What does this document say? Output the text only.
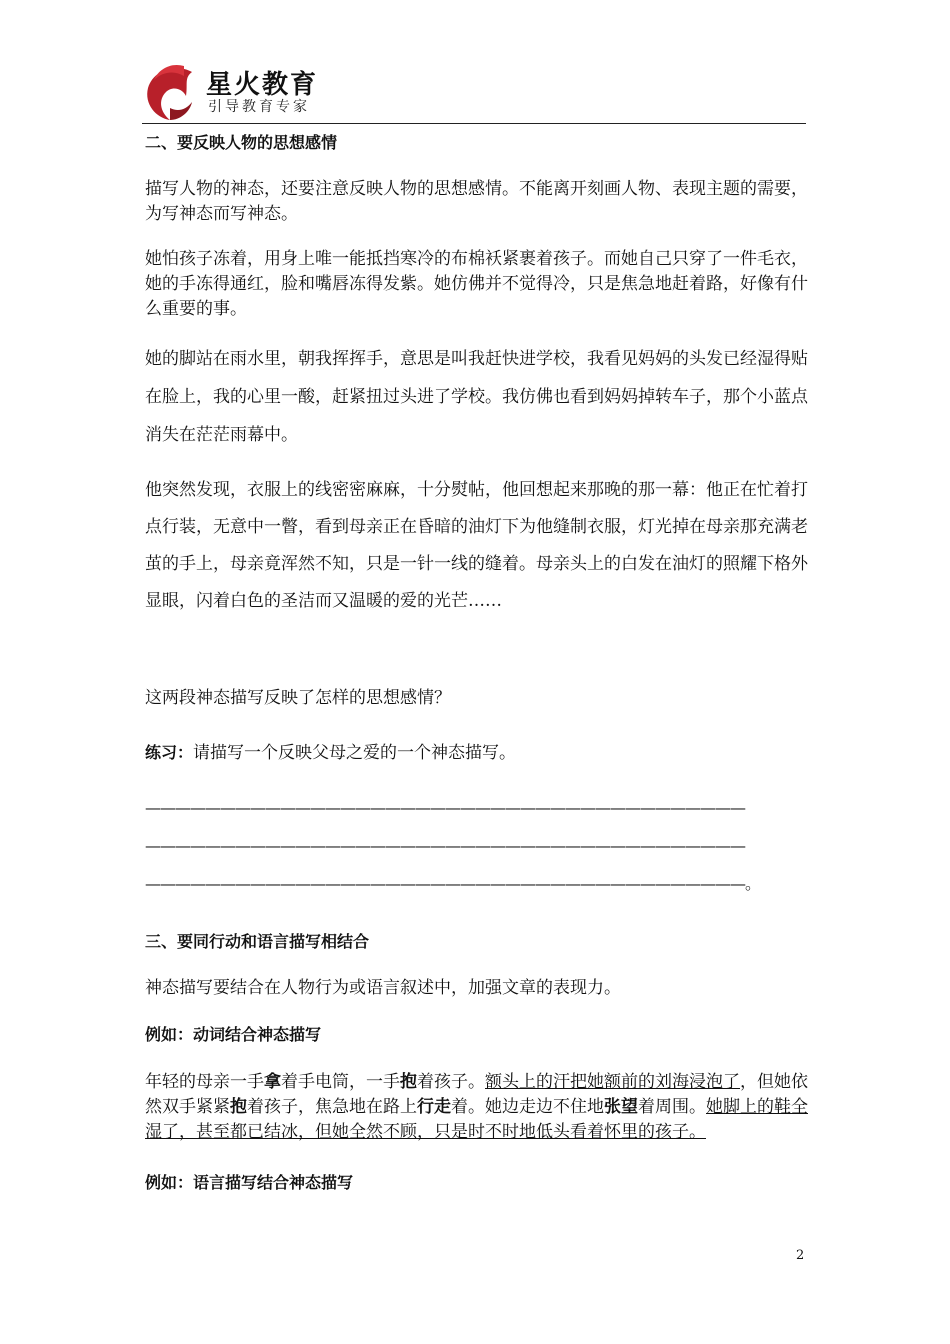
星火教育
引导教育专家
二、要反映人物的思想感情
描写人物的神态，还要注意反映人物的思想感情。不能离开刻画人物、表现主题的需要，为写神态而写神态。
她怕孩子冻着，用身上唯一能抵挡寒冷的布棉袄紧裹着孩子。而她自己只穿了一件毛衣，她的手冻得通红，脸和嘴唇冻得发紫。她仿佛并不觉得冷，只是焦急地赶着路，好像有什么重要的事。
她的脚站在雨水里，朝我挥挥手，意思是叫我赶快进学校，我看见妈妈的头发已经湿得贴在脸上，我的心里一酸，赶紧扭过头进了学校。我仿佛也看到妈妈掉转车子，那个小蓝点消失在茫茫雨幕中。
他突然发现，衣服上的线密密麻麻，十分熨帖，他回想起来那晚的那一幕：他正在忙着打点行装，无意中一瞥，看到母亲正在昏暗的油灯下为他缝制衣服，灯光掉在母亲那充满老茧的手上，母亲竟浑然不知，只是一针一线的缝着。母亲头上的白发在油灯的照耀下格外显眼，闪着白色的圣洁而又温暖的爱的光芒……
这两段神态描写反映了怎样的思想感情？
练习：请描写一个反映父母之爱的一个神态描写。
————————————————————————————————————————
————————————————————————————————————————
————————————————————————————————————————。
三、要同行动和语言描写相结合
神态描写要结合在人物行为或语言叙述中，加强文章的表现力。
例如：动词结合神态描写
年轻的母亲一手拿着手电筒，一手抱着孩子。额头上的汗把她额前的刘海浸泡了，但她依然双手紧紧抱着孩子，焦急地在路上行走着。她边走边不住地张望着周围。她脚上的鞋全湿了，甚至都已结冰，但她全然不顾，只是时不时地低头看着怀里的孩子。
例如：语言描写结合神态描写
2
